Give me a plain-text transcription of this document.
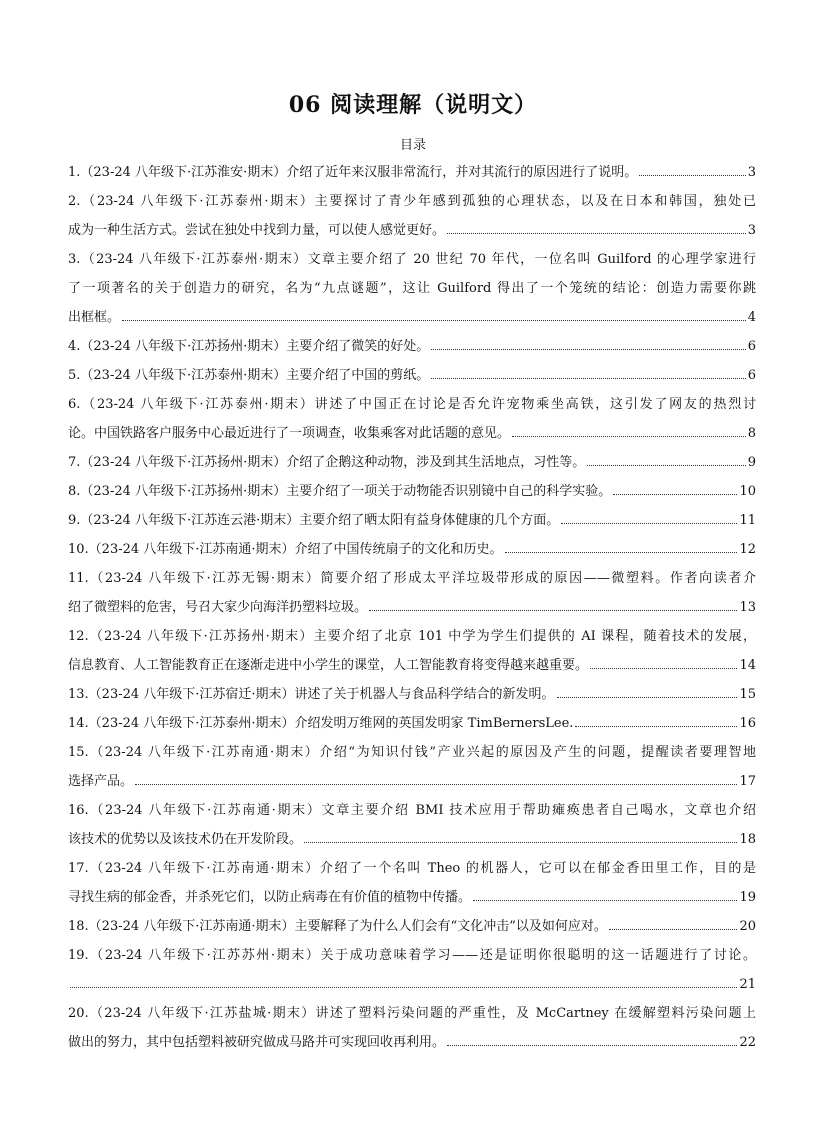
06 阅读理解（说明文）
目录
1.（23-24 八年级下·江苏淮安·期末）介绍了近年来汉服非常流行，并对其流行的原因进行了说明。	3
2.（23-24 八年级下·江苏泰州·期末）主要探讨了青少年感到孤独的心理状态，以及在日本和韩国，独处已
成为一种生活方式。尝试在独处中找到力量，可以使人感觉更好。	3
3.（23-24 八年级下·江苏泰州·期末）文章主要介绍了 20 世纪 70 年代，一位名叫 Guilford 的心理学家进行
了一项著名的关于创造力的研究，名为“九点谜题”，这让 Guilford 得出了一个笼统的结论：创造力需要你跳
出框框。	4
4.（23-24 八年级下·江苏扬州·期末）主要介绍了微笑的好处。	6
5.（23-24 八年级下·江苏泰州·期末）主要介绍了中国的剪纸。	6
6.（23-24 八年级下·江苏泰州·期末）讲述了中国正在讨论是否允许宠物乘坐高铁，这引发了网友的热烈讨
论。中国铁路客户服务中心最近进行了一项调查，收集乘客对此话题的意见。	8
7.（23-24 八年级下·江苏扬州·期末）介绍了企鹅这种动物，涉及到其生活地点，习性等。	9
8.（23-24 八年级下·江苏扬州·期末）主要介绍了一项关于动物能否识别镜中自己的科学实验。	10
9.（23-24 八年级下·江苏连云港·期末）主要介绍了晒太阳有益身体健康的几个方面。	11
10.（23-24 八年级下·江苏南通·期末）介绍了中国传统扇子的文化和历史。	12
11.（23-24 八年级下·江苏无锡·期末）简要介绍了形成太平洋垃圾带形成的原因——微塑料。作者向读者介
绍了微塑料的危害，号召大家少向海洋扔塑料垃圾。	13
12.（23-24 八年级下·江苏扬州·期末）主要介绍了北京 101 中学为学生们提供的 AI 课程，随着技术的发展，
信息教育、人工智能教育正在逐渐走进中小学生的课堂，人工智能教育将变得越来越重要。	14
13.（23-24 八年级下·江苏宿迁·期末）讲述了关于机器人与食品科学结合的新发明。	15
14.（23-24 八年级下·江苏泰州·期末）介绍发明万维网的英国发明家 TimBernersLee.	16
15.（23-24 八年级下·江苏南通·期末）介绍“为知识付钱”产业兴起的原因及产生的问题，提醒读者要理智地
选择产品。	17
16.（23-24 八年级下·江苏南通·期末）文章主要介绍 BMI 技术应用于帮助瘫痪患者自己喝水，文章也介绍
该技术的优势以及该技术仍在开发阶段。	18
17.（23-24 八年级下·江苏南通·期末）介绍了一个名叫 Theo 的机器人，它可以在郁金香田里工作，目的是
寻找生病的郁金香，并杀死它们，以防止病毒在有价值的植物中传播。	19
18.（23-24 八年级下·江苏南通·期末）主要解释了为什么人们会有“文化冲击”以及如何应对。	20
19.（23-24 八年级下·江苏苏州·期末）关于成功意味着学习——还是证明你很聪明的这一话题进行了讨论。
21
20.（23-24 八年级下·江苏盐城·期末）讲述了塑料污染问题的严重性，及 McCartney 在缓解塑料污染问题上
做出的努力，其中包括塑料被研究做成马路并可实现回收再利用。	22
